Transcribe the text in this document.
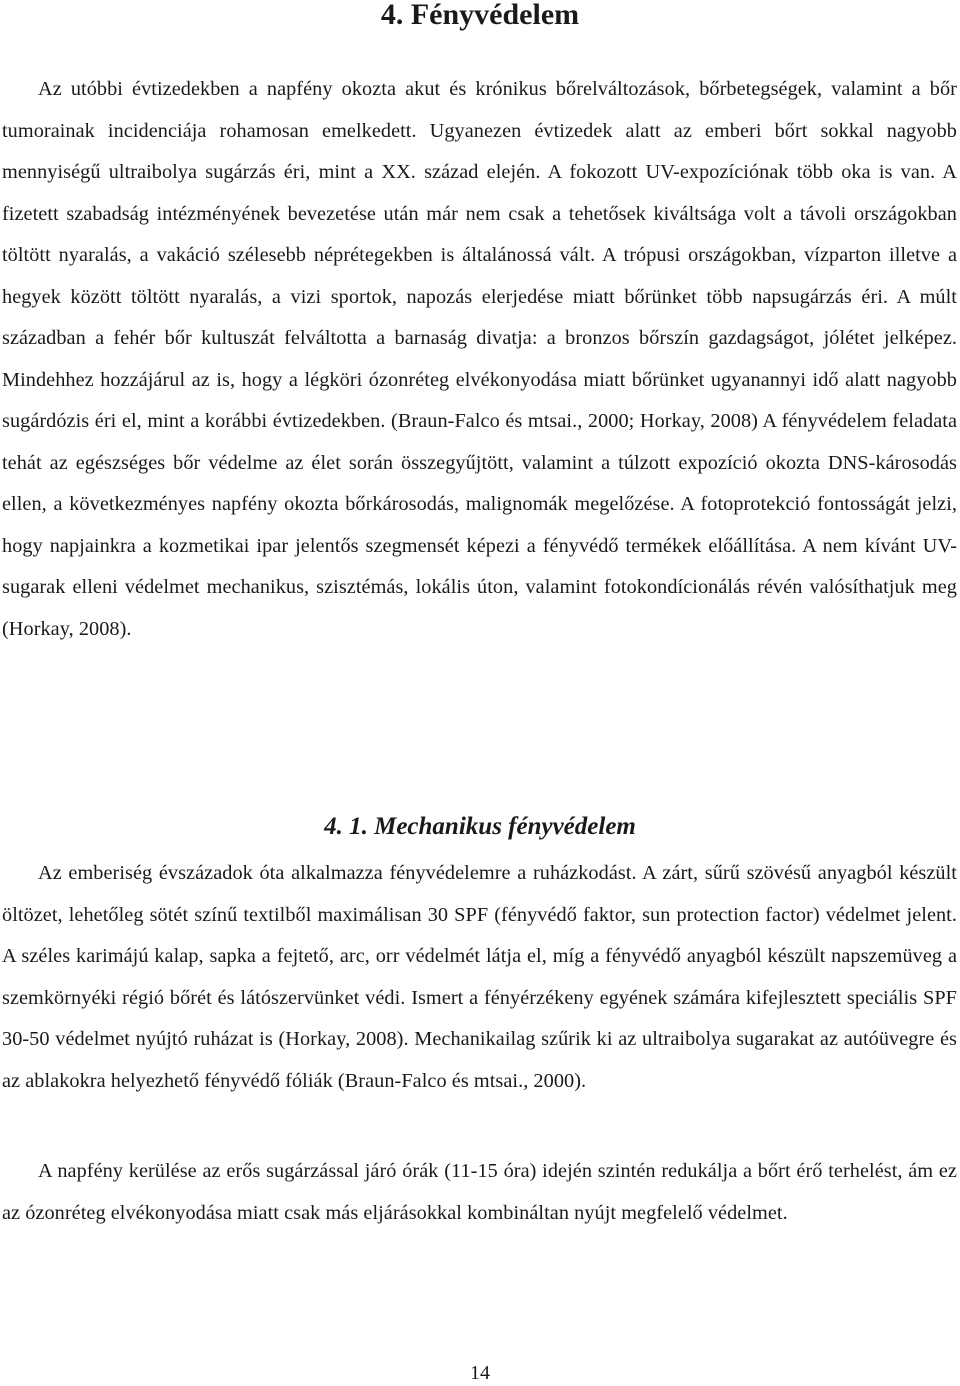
4. Fényvédelem

Az utóbbi évtizedekben a napfény okozta akut és krónikus bőrelváltozások, bőrbetegségek, valamint a bőr tumorainak incidenciája rohamosan emelkedett. Ugyanezen évtizedek alatt az emberi bőrt sokkal nagyobb mennyiségű ultraibolya sugárzás éri, mint a XX. század elején. A fokozott UV-expozíciónak több oka is van. A fizetett szabadság intézményének bevezetése után már nem csak a tehetősek kiváltsága volt a távoli országokban töltött nyaralás, a vakáció szélesebb néprétegekben is általánossá vált. A trópusi országokban, vízparton illetve a hegyek között töltött nyaralás, a vizi sportok, napozás elerjedése miatt bőrünket több napsugárzás éri. A múlt században a fehér bőr kultuszát felváltotta a barnaság divatja: a bronzos bőrszín gazdagságot, jólétet jelképez. Mindehhez hozzájárul az is, hogy a légköri ózonréteg elvékonyodása miatt bőrünket ugyanannyi idő alatt nagyobb sugárdózis éri el, mint a korábbi évtizedekben. (Braun-Falco és mtsai., 2000; Horkay, 2008) A fényvédelem feladata tehát az egészséges bőr védelme az élet során összegyűjtött, valamint a túlzott expozíció okozta DNS-károsodás ellen, a következményes napfény okozta bőrkárosodás, malignomák megelőzése. A fotoprotekció fontosságát jelzi, hogy napjainkra a kozmetikai ipar jelentős szegmensét képezi a fényvédő termékek előállítása. A nem kívánt UV-sugarak elleni védelmet mechanikus, szisztémás, lokális úton, valamint fotokondícionálás révén valósíthatjuk meg (Horkay, 2008).

4. 1. Mechanikus fényvédelem

Az emberiség évszázadok óta alkalmazza fényvédelemre a ruházkodást. A zárt, sűrű szövésű anyagból készült öltözet, lehetőleg sötét színű textilből maximálisan 30 SPF (fényvédő faktor, sun protection factor) védelmet jelent. A széles karimájú kalap, sapka a fejtető, arc, orr védelmét látja el, míg a fényvédő anyagból készült napszemüveg a szemkörnyéki régió bőrét és látószervünket védi. Ismert a fényérzékeny egyének számára kifejlesztett speciális SPF 30-50 védelmet nyújtó ruházat is (Horkay, 2008). Mechanikailag szűrik ki az ultraibolya sugarakat az autóüvegre és az ablakokra helyezhető fényvédő fóliák (Braun-Falco és mtsai., 2000).

A napfény kerülése az erős sugárzással járó órák (11-15 óra) idején szintén redukálja a bőrt érő terhelést, ám ez az ózonréteg elvékonyodása miatt csak más eljárásokkal kombináltan nyújt megfelelő védelmet.

14
